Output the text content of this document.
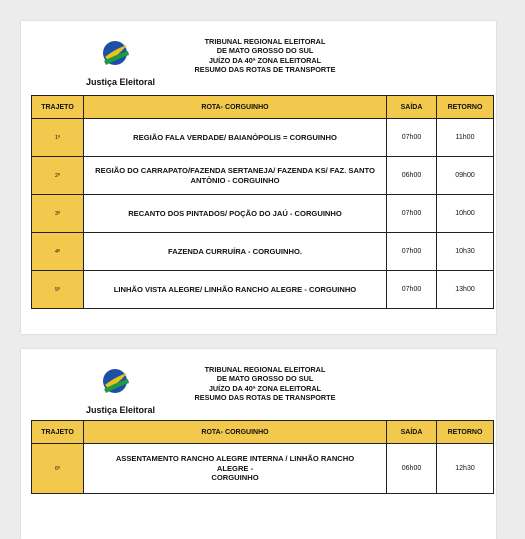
Justiça Eleitoral
TRIBUNAL REGIONAL ELEITORAL
DE MATO GROSSO DO SUL
JUÍZO DA 40ª ZONA ELEITORAL
RESUMO DAS ROTAS DE TRANSPORTE
TRAJETO	ROTA- CORGUINHO	SAÍDA	RETORNO
1º	REGIÃO FALA VERDADE/ BAIANÓPOLIS = CORGUINHO	07h00	11h00
2º	REGIÃO DO CARRAPATO/FAZENDA SERTANEJA/ FAZENDA KS/ FAZ. SANTO ANTÔNIO - CORGUINHO	06h00	09h00
3º	RECANTO DOS PINTADOS/ POÇÃO DO JAÚ - CORGUINHO	07h00	10h00
4º	FAZENDA CURRUÍRA - CORGUINHO.	07h00	10h30
5º	LINHÃO VISTA ALEGRE/ LINHÃO RANCHO ALEGRE - CORGUINHO	07h00	13h00
Justiça Eleitoral
TRIBUNAL REGIONAL ELEITORAL
DE MATO GROSSO DO SUL
JUÍZO DA 40ª ZONA ELEITORAL
RESUMO DAS ROTAS DE TRANSPORTE
TRAJETO	ROTA- CORGUINHO	SAÍDA	RETORNO
6º	ASSENTAMENTO RANCHO ALEGRE INTERNA / LINHÃO RANCHO
ALEGRE -
CORGUINHO	06h00	12h30
